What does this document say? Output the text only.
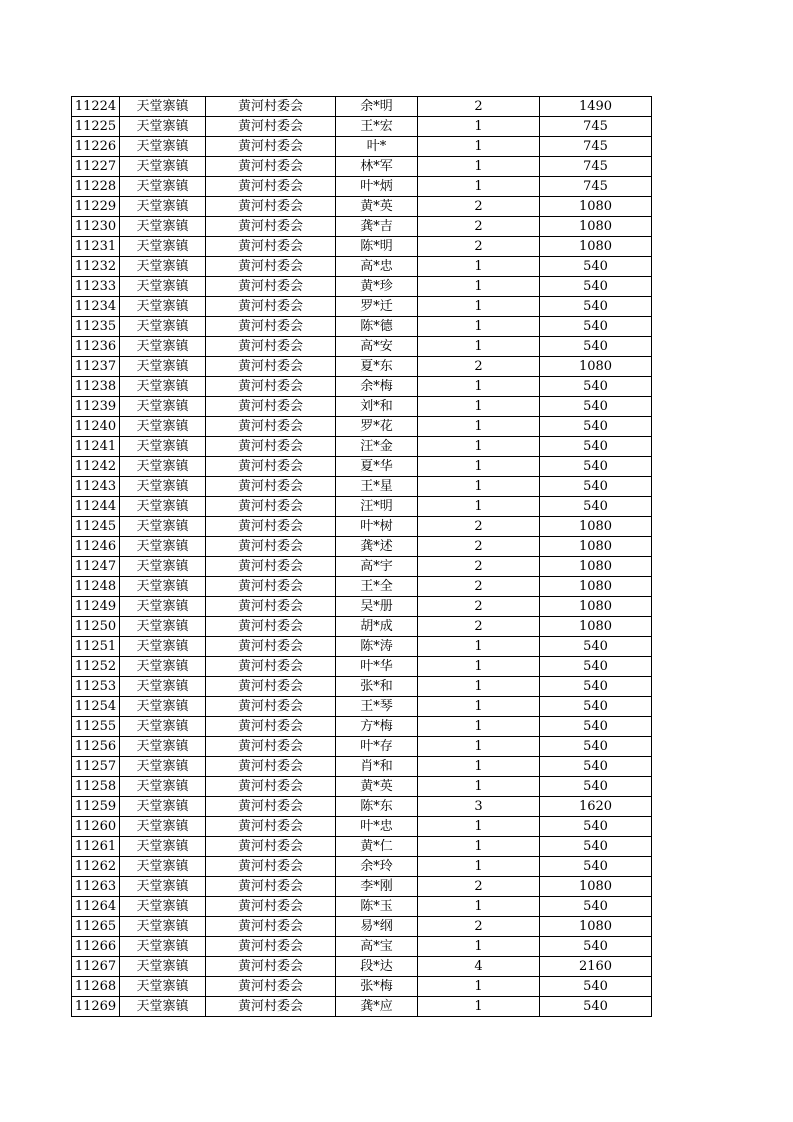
11224	天堂寨镇	黄河村委会	余*明	2	1490
11225	天堂寨镇	黄河村委会	王*宏	1	745
11226	天堂寨镇	黄河村委会	叶*	1	745
11227	天堂寨镇	黄河村委会	林*军	1	745
11228	天堂寨镇	黄河村委会	叶*炳	1	745
11229	天堂寨镇	黄河村委会	黄*英	2	1080
11230	天堂寨镇	黄河村委会	龚*吉	2	1080
11231	天堂寨镇	黄河村委会	陈*明	2	1080
11232	天堂寨镇	黄河村委会	高*忠	1	540
11233	天堂寨镇	黄河村委会	黄*珍	1	540
11234	天堂寨镇	黄河村委会	罗*迁	1	540
11235	天堂寨镇	黄河村委会	陈*德	1	540
11236	天堂寨镇	黄河村委会	高*安	1	540
11237	天堂寨镇	黄河村委会	夏*东	2	1080
11238	天堂寨镇	黄河村委会	余*梅	1	540
11239	天堂寨镇	黄河村委会	刘*和	1	540
11240	天堂寨镇	黄河村委会	罗*花	1	540
11241	天堂寨镇	黄河村委会	汪*金	1	540
11242	天堂寨镇	黄河村委会	夏*华	1	540
11243	天堂寨镇	黄河村委会	王*星	1	540
11244	天堂寨镇	黄河村委会	汪*明	1	540
11245	天堂寨镇	黄河村委会	叶*树	2	1080
11246	天堂寨镇	黄河村委会	龚*述	2	1080
11247	天堂寨镇	黄河村委会	高*宇	2	1080
11248	天堂寨镇	黄河村委会	王*全	2	1080
11249	天堂寨镇	黄河村委会	吴*册	2	1080
11250	天堂寨镇	黄河村委会	胡*成	2	1080
11251	天堂寨镇	黄河村委会	陈*涛	1	540
11252	天堂寨镇	黄河村委会	叶*华	1	540
11253	天堂寨镇	黄河村委会	张*和	1	540
11254	天堂寨镇	黄河村委会	王*琴	1	540
11255	天堂寨镇	黄河村委会	方*梅	1	540
11256	天堂寨镇	黄河村委会	叶*存	1	540
11257	天堂寨镇	黄河村委会	肖*和	1	540
11258	天堂寨镇	黄河村委会	黄*英	1	540
11259	天堂寨镇	黄河村委会	陈*东	3	1620
11260	天堂寨镇	黄河村委会	叶*忠	1	540
11261	天堂寨镇	黄河村委会	黄*仁	1	540
11262	天堂寨镇	黄河村委会	余*玲	1	540
11263	天堂寨镇	黄河村委会	李*刚	2	1080
11264	天堂寨镇	黄河村委会	陈*玉	1	540
11265	天堂寨镇	黄河村委会	易*纲	2	1080
11266	天堂寨镇	黄河村委会	高*宝	1	540
11267	天堂寨镇	黄河村委会	段*达	4	2160
11268	天堂寨镇	黄河村委会	张*梅	1	540
11269	天堂寨镇	黄河村委会	龚*应	1	540
